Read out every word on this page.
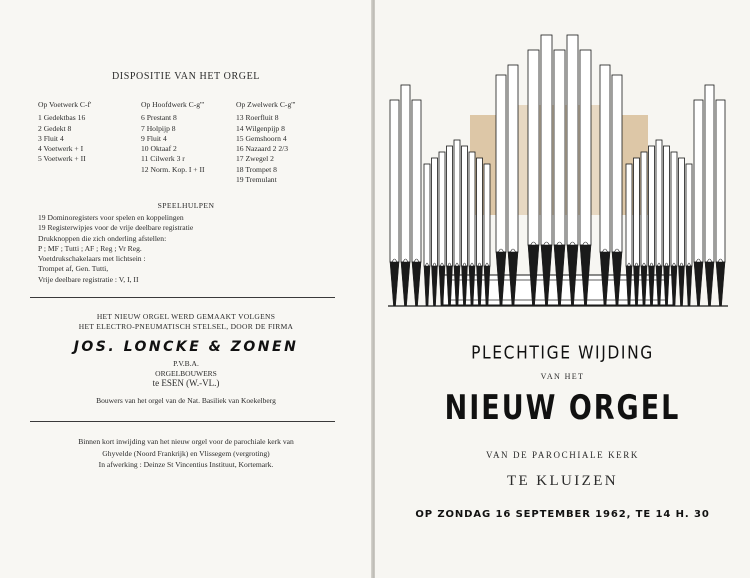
DISPOSITIE VAN HET ORGEL
Op Voetwerk C-f'
1 Gedektbas 16
2 Gedekt 8
3 Fluit 4
4 Voetwerk + I
5 Voetwerk + II
Op Hoofdwerk C-g'''
6 Prestant 8
7 Holpijp 8
9 Fluit 4
10 Oktaaf 2
11 Cilwerk 3 r
12 Norm. Kop. I + II
Op Zwelwerk C-g'''
13 Roerfluit 8
14 Wilgenpijp 8
15 Gemshoorn 4
16 Nazaard 2 2/3
17 Zwegel 2
18 Trompet 8
19 Tremulant
SPEELHULPEN
19 Dominoregisters voor spelen en koppelingen
19 Registerwipjes voor de vrije deelbare registratie
Drukknoppen die zich onderling afstellen:
P ; MF ; Tutti ; AF ; Reg ; Vr Reg.
Voetdrukschakelaars met lichtsein :
Trompet af, Gen. Tutti,
Vrije deelbare registratie : V, I, II
HET NIEUW ORGEL WERD GEMAAKT VOLGENS
HET ELECTRO-PNEUMATISCH STELSEL, DOOR DE FIRMA
JOS. LONCKE & ZONEN
P.V.B.A.
ORGELBOUWERS
te ESEN (W.-VL.)
Bouwers van het orgel van de Nat. Basiliek van Koekelberg
Binnen kort inwijding van het nieuw orgel voor de parochiale kerk van
Ghyvelde (Noord Frankrijk) en Vlissegem (vergroting)
In afwerking : Deinze St Vincentius Instituut, Kortemark.
PLECHTIGE WIJDING
VAN HET
NIEUW ORGEL
VAN DE PAROCHIALE KERK
TE KLUIZEN
OP ZONDAG 16 SEPTEMBER 1962, TE 14 H. 30
